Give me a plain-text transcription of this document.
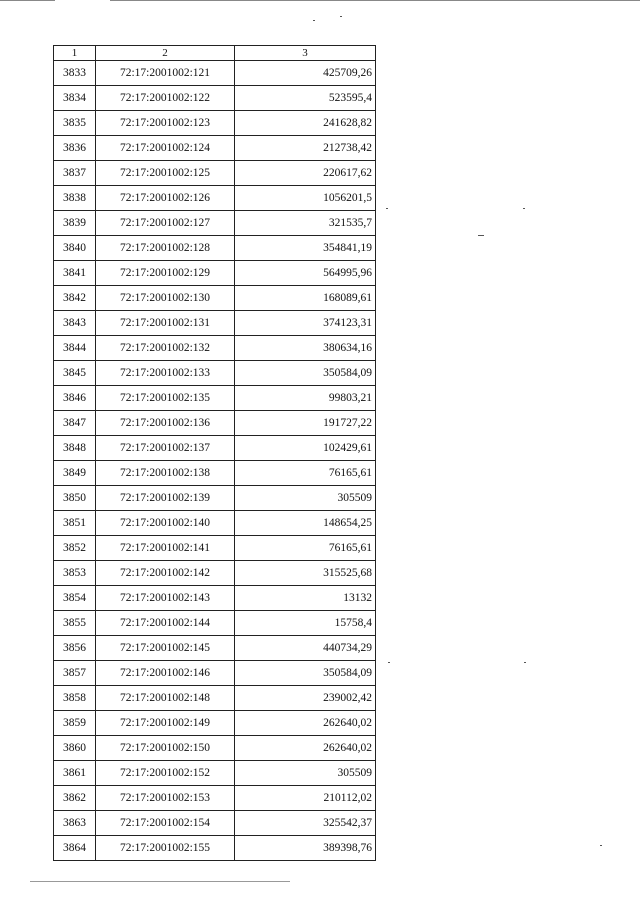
1	2	3
3833	72:17:2001002:121	425709,26
3834	72:17:2001002:122	523595,4
3835	72:17:2001002:123	241628,82
3836	72:17:2001002:124	212738,42
3837	72:17:2001002:125	220617,62
3838	72:17:2001002:126	1056201,5
3839	72:17:2001002:127	321535,7
3840	72:17:2001002:128	354841,19
3841	72:17:2001002:129	564995,96
3842	72:17:2001002:130	168089,61
3843	72:17:2001002:131	374123,31
3844	72:17:2001002:132	380634,16
3845	72:17:2001002:133	350584,09
3846	72:17:2001002:135	99803,21
3847	72:17:2001002:136	191727,22
3848	72:17:2001002:137	102429,61
3849	72:17:2001002:138	76165,61
3850	72:17:2001002:139	305509
3851	72:17:2001002:140	148654,25
3852	72:17:2001002:141	76165,61
3853	72:17:2001002:142	315525,68
3854	72:17:2001002:143	13132
3855	72:17:2001002:144	15758,4
3856	72:17:2001002:145	440734,29
3857	72:17:2001002:146	350584,09
3858	72:17:2001002:148	239002,42
3859	72:17:2001002:149	262640,02
3860	72:17:2001002:150	262640,02
3861	72:17:2001002:152	305509
3862	72:17:2001002:153	210112,02
3863	72:17:2001002:154	325542,37
3864	72:17:2001002:155	389398,76
